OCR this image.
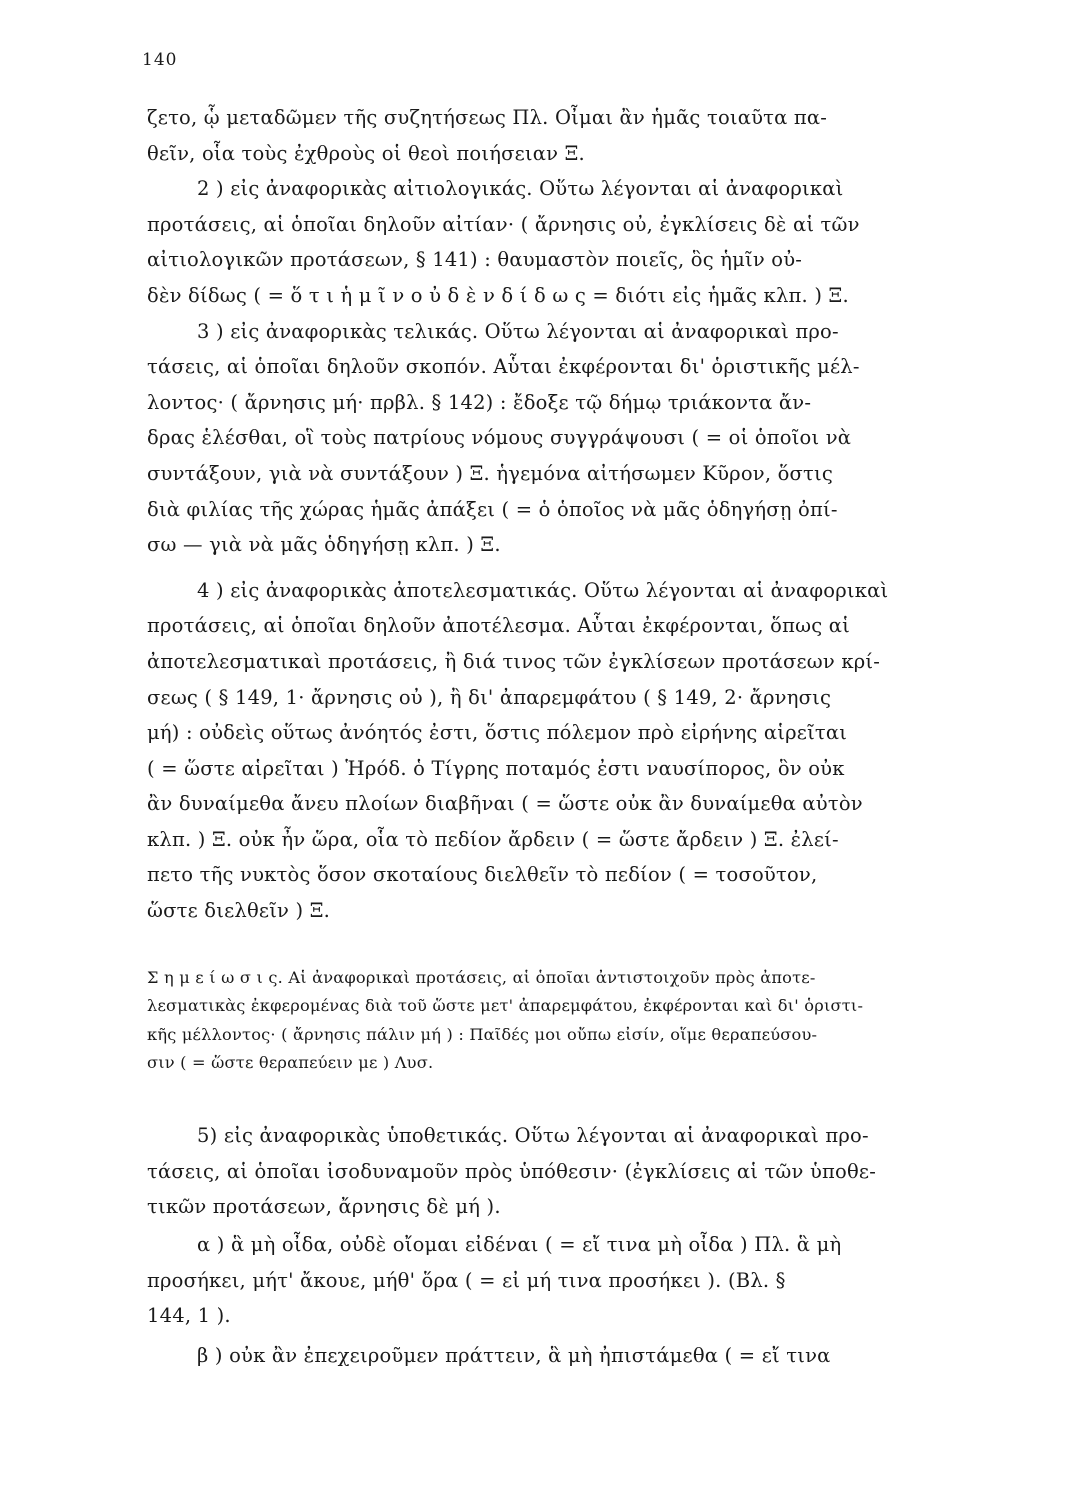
140
ζετο, ᾧ μεταδῶμεν τῆς συζητήσεως Πλ. Οἶμαι ἂν ἡμᾶς τοιαῦτα πα-
θεῖν, οἷα τοὺς ἐχθροὺς οἱ θεοὶ ποιήσειαν Ξ.
2 ) εἰς ἀναφορικὰς αἰτιολογικάς. Οὕτω λέγονται αἱ ἀναφορικαὶ
προτάσεις, αἱ ὁποῖαι δηλοῦν αἰτίαν· ( ἄρνησις οὐ, ἐγκλίσεις δὲ αἱ τῶν
αἰτιολογικῶν προτάσεων, § 141) : θαυμαστὸν ποιεῖς, ὃς ἡμῖν οὐ-
δὲν δίδως ( = ὅ τ ι ἡ μ ῖ ν ο ὐ δ ὲ ν δ ί δ ω ς = διότι εἰς ἡμᾶς κλπ. ) Ξ.
3 ) εἰς ἀναφορικὰς τελικάς. Οὕτω λέγονται αἱ ἀναφορικαὶ προ-
τάσεις, αἱ ὁποῖαι δηλοῦν σκοπόν. Αὗται ἐκφέρονται δι' ὁριστικῆς μέλ-
λοντος· ( ἄρνησις μή· πρβλ. § 142) : ἔδοξε τῷ δήμῳ τριάκοντα ἄν-
δρας ἑλέσθαι, οἳ τοὺς πατρίους νόμους συγγράψουσι ( = οἱ ὁποῖοι νὰ
συντάξουν, γιὰ νὰ συντάξουν ) Ξ. ἡγεμόνα αἰτήσωμεν Κῦρον, ὅστις
διὰ φιλίας τῆς χώρας ἡμᾶς ἀπάξει ( = ὁ ὁποῖος νὰ μᾶς ὁδηγήσῃ ὀπί-
σω — γιὰ νὰ μᾶς ὁδηγήσῃ κλπ. ) Ξ.
4 ) εἰς ἀναφορικὰς ἀποτελεσματικάς. Οὕτω λέγονται αἱ ἀναφορικαὶ
προτάσεις, αἱ ὁποῖαι δηλοῦν ἀποτέλεσμα. Αὗται ἐκφέρονται, ὅπως αἱ
ἀποτελεσματικαὶ προτάσεις, ἢ διά τινος τῶν ἐγκλίσεων προτάσεων κρί-
σεως ( § 149, 1· ἄρνησις οὐ ), ἢ δι' ἀπαρεμφάτου ( § 149, 2· ἄρνησις
μή) : οὐδεὶς οὕτως ἀνόητός ἐστι, ὅστις πόλεμον πρὸ εἰρήνης αἱρεῖται
( = ὥστε αἱρεῖται ) Ἡρόδ. ὁ Τίγρης ποταμός ἐστι ναυσίπορος, ὃν οὐκ
ἂν δυναίμεθα ἄνευ πλοίων διαβῆναι ( = ὥστε οὐκ ἂν δυναίμεθα αὐτὸν
κλπ. ) Ξ. οὐκ ἦν ὥρα, οἷα τὸ πεδίον ἄρδειν ( = ὥστε ἄρδειν ) Ξ. ἐλεί-
πετο τῆς νυκτὸς ὅσον σκοταίους διελθεῖν τὸ πεδίον ( = τοσοῦτον,
ὥστε διελθεῖν ) Ξ.
Σ η μ ε ί ω σ ι ς. Αἱ ἀναφορικαὶ προτάσεις, αἱ ὁποῖαι ἀντιστοιχοῦν πρὸς ἀποτε-
λεσματικὰς ἐκφερομένας διὰ τοῦ ὥστε μετ' ἀπαρεμφάτου, ἐκφέρονται καὶ δι' ὁριστι-
κῆς μέλλοντος· ( ἄρνησις πάλιν μή ) : Παῖδές μοι οὔπω εἰσίν, οἵμε θεραπεύσου-
σιν ( = ὥστε θεραπεύειν με ) Λυσ.
5) εἰς ἀναφορικὰς ὑποθετικάς. Οὕτω λέγονται αἱ ἀναφορικαὶ προ-
τάσεις, αἱ ὁποῖαι ἰσοδυναμοῦν πρὸς ὑπόθεσιν· (ἐγκλίσεις αἱ τῶν ὑποθε-
τικῶν προτάσεων, ἄρνησις δὲ μή ).
α ) ἃ μὴ οἶδα, οὐδὲ οἴομαι εἰδέναι ( = εἴ τινα μὴ οἶδα ) Πλ. ἃ μὴ
προσήκει, μήτ' ἄκουε, μήθ' ὅρα ( = εἰ μή τινα προσήκει ). (Βλ. §
144, 1 ).
β ) οὐκ ἂν ἐπεχειροῦμεν πράττειν, ἃ μὴ ἠπιστάμεθα ( = εἴ τινα
